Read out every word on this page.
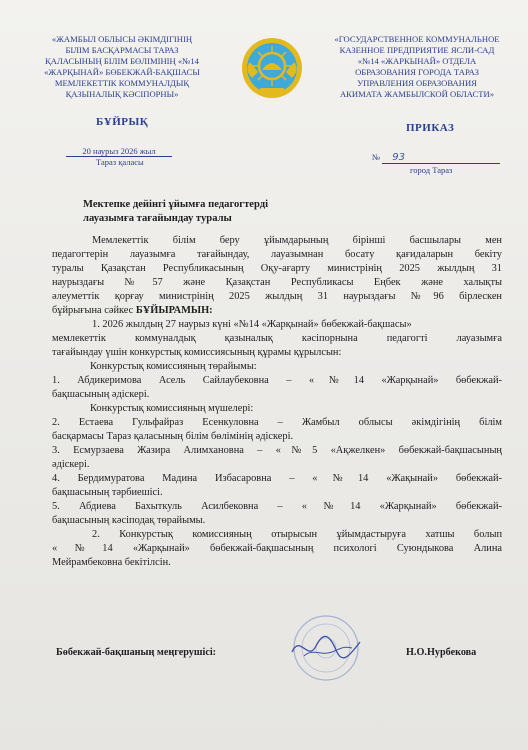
«ЖАМБЫЛ ОБЛЫСЫ ӘКІМДІГІНІҢ
БІЛІМ БАСҚАРМАСЫ ТАРАЗ
ҚАЛАСЫНЫҢ БІЛІМ БӨЛІМІНІҢ «№14
«ЖАРҚЫНАЙ» БӨБЕКЖАЙ-БАҚШАСЫ
МЕМЛЕКЕТТІК КОММУНАЛДЫҚ
ҚАЗЫНАЛЫҚ КӘСІПОРНЫ»
«ГОСУДАРСТВЕННОЕ КОММУНАЛЬНОЕ
КАЗЕННОЕ ПРЕДПРИЯТИЕ ЯСЛИ-САД
«№14 «ЖАРКЫНАЙ» ОТДЕЛА
ОБРАЗОВАНИЯ ГОРОДА ТАРАЗ
УПРАВЛЕНИЯ ОБРАЗОВАНИЯ
АКИМАТА ЖАМБЫЛСКОЙ ОБЛАСТИ»
БҰЙРЫҚ	ПРИКАЗ
20 наурыз 2026 жыл
Тараз қаласы	№ 93
город Тараз
Мектепке дейінгі ұйымға педагогтерді
лауазымға тағайындау туралы

Мемлекеттік білім беру ұйымдарының бірінші басшылары мен

педагогтерін лауазымға тағайындау, лауазымнан босату қағидаларын бекіту

туралы Қазақстан Республикасының Оқу-ағарту министрінің 2025 жылдың 31

наурыздағы №57 және Қазақстан Республикасы Еңбек және халықты

әлеуметтік қорғау министрінің 2025 жылдың 31 наурыздағы №96 бірлескен

бұйрығына сәйкес БҰЙЫРАМЫН:

1. 2026 жылдың 27 наурыз күні «№14 «Жарқынай» бөбекжай-бақшасы»

мемлекеттік коммуналдық қазыналық кәсіпорнына педагогті лауазымға

тағайындау үшін конкурстық комиссиясының құрамы құрылсын:

Конкурстық комиссияның төрайымы:

1. Абдикеримова Асель Сайлаубековна – «№14 «Жарқынай» бөбекжай-

бақшасының әдіскері.

Конкурстық комиссияның мүшелері:

2. Естаева Гульфайраз Есенкуловна – Жамбыл облысы әкімдігінің білім

басқармасы Тараз қаласының білім бөлімінің әдіскері.

3. Есмурзаева Жазира Алимхановна – «№5 «Ақжелкен» бөбекжай-бақшасының

әдіскері.

4. Бердимуратова Мадина Избасаровна – «№14 «Жақынай» бөбекжай-

бақшасының тәрбиешісі.

5. Абдиева Бахыткуль Асилбековна – «№14 «Жарқынай» бөбекжай-

бақшасының кәсіподақ төрайымы.

2. Конкурстық комиссияның отырысын ұйымдастыруға хатшы болып

«№14 «Жарқынай» бөбекжай-бақшасының психологі Суюндыкова Алина

Мейрамбековна бекітілсін.

Бөбекжай-бақшаның меңгерушісі:	Н.О.Нурбекова
